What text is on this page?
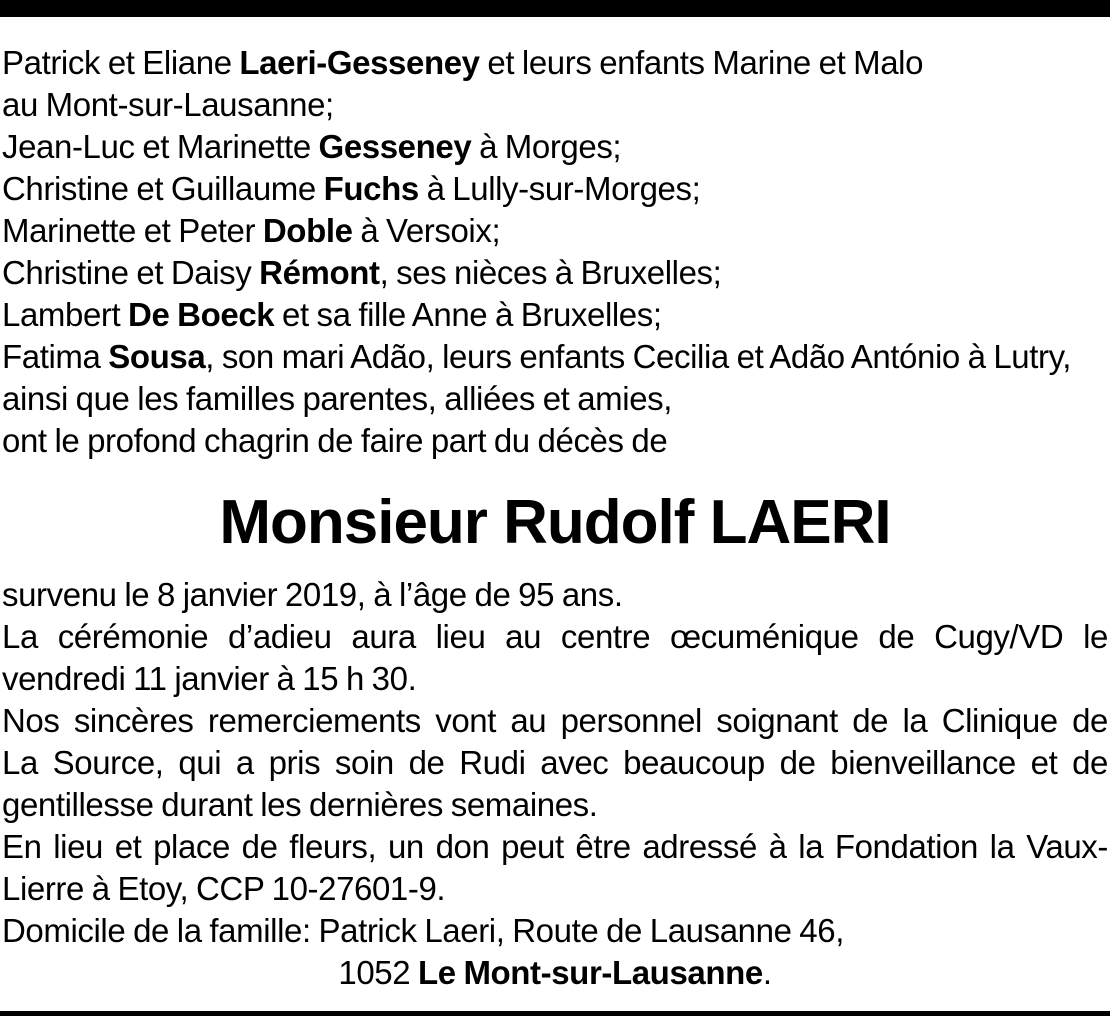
Patrick et Eliane Laeri-Gesseney et leurs enfants Marine et Malo
au Mont-sur-Lausanne;
Jean-Luc et Marinette Gesseney à Morges;
Christine et Guillaume Fuchs à Lully-sur-Morges;
Marinette et Peter Doble à Versoix;
Christine et Daisy Rémont, ses nièces à Bruxelles;
Lambert De Boeck et sa fille Anne à Bruxelles;
Fatima Sousa, son mari Adão, leurs enfants Cecilia et Adão António à Lutry,
ainsi que les familles parentes, alliées et amies,
ont le profond chagrin de faire part du décès de
Monsieur Rudolf LAERI
survenu le 8 janvier 2019, à l’âge de 95 ans.
La cérémonie d’adieu aura lieu au centre œcuménique de Cugy/VD le
vendredi 11 janvier à 15 h 30.
Nos sincères remerciements vont au personnel soignant de la Clinique de
La Source, qui a pris soin de Rudi avec beaucoup de bienveillance et de
gentillesse durant les dernières semaines.
En lieu et place de fleurs, un don peut être adressé à la Fondation la Vaux-
Lierre à Etoy, CCP 10-27601-9.
Domicile de la famille: Patrick Laeri, Route de Lausanne 46,
1052 Le Mont-sur-Lausanne.
